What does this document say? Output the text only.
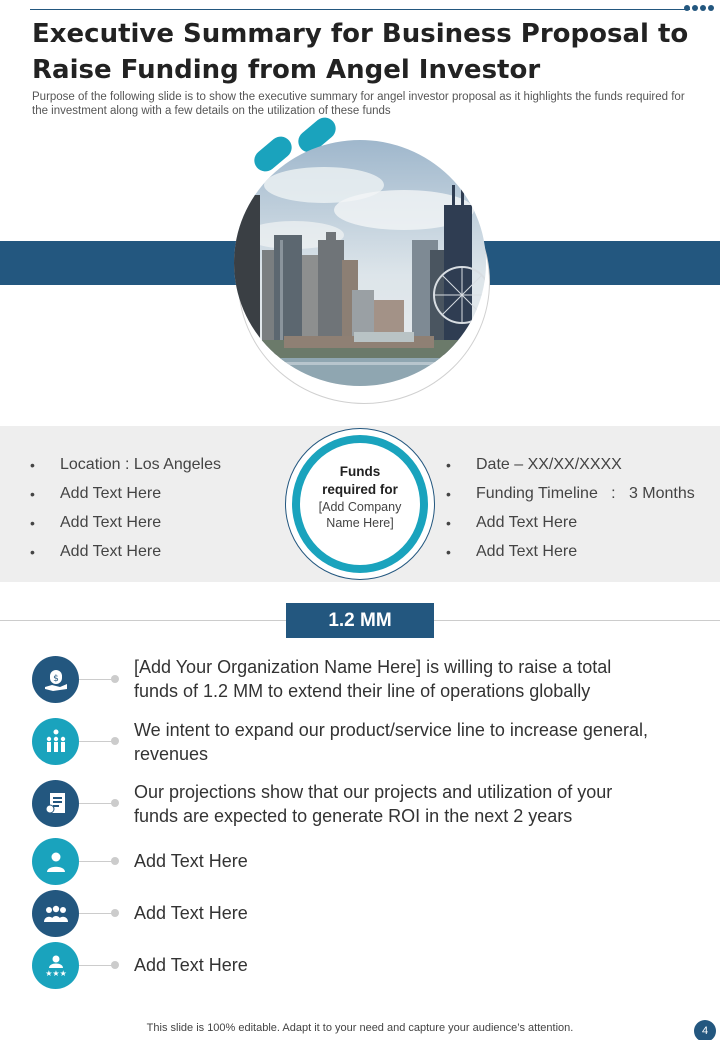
Executive Summary for Business Proposal to Raise Funding from Angel Investor

Purpose of the following slide is to show the executive summary for angel investor proposal as it highlights the funds required for the investment along with a few details on the utilization of these funds

• Location : Los Angeles
• Add Text Here
• Add Text Here
• Add Text Here
• Date – XX/XX/XXXX
• Funding Timeline   :   3 Months
• Add Text Here
• Add Text Here
Funds required for
[Add Company Name Here]
1.2 MM
$
[Add Your Organization Name Here] is willing to raise a total funds of 1.2 MM to extend their line of operations globally
We intent to expand our product/service line to increase general, revenues
Our projections show that our projects and utilization of your funds are expected to generate ROI in the next 2 years
Add Text Here
Add Text Here
★★★	Add Text Here
This slide is 100% editable. Adapt it to your need and capture your audience’s attention.	4
